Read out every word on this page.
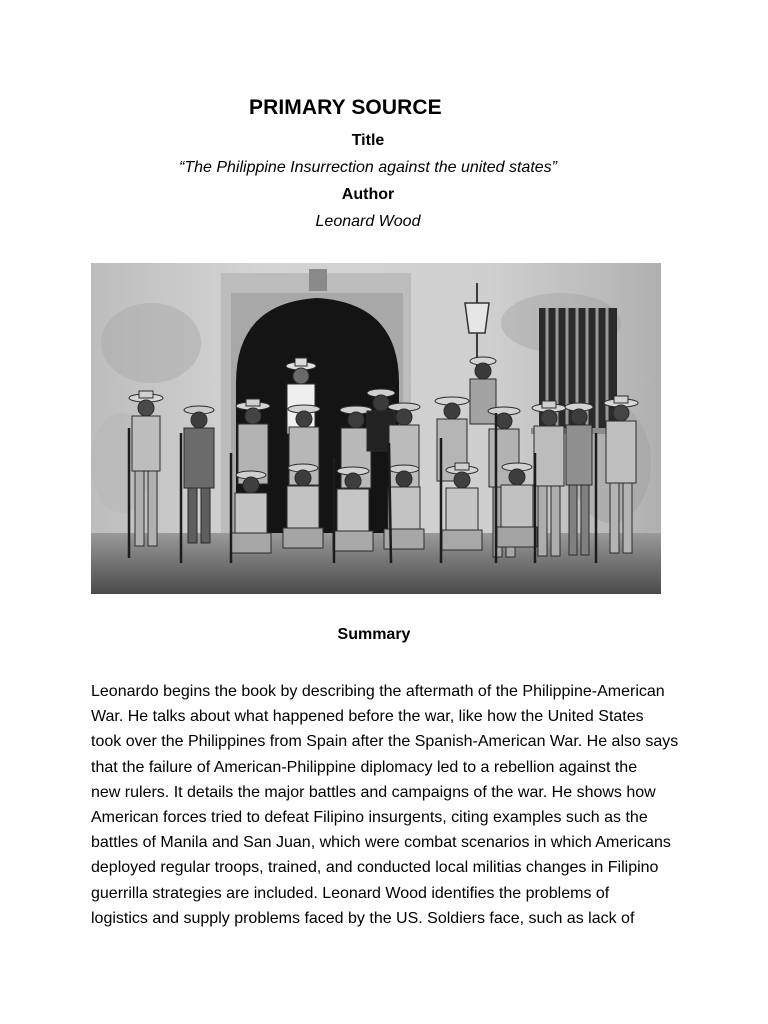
PRIMARY SOURCE
Title
“The Philippine Insurrection against the united states”
Author
Leonard Wood
Summary
Leonardo begins the book by describing the aftermath of the Philippine-American
War. He talks about what happened before the war, like how the United States
took over the Philippines from Spain after the Spanish-American War. He also says
that the failure of American-Philippine diplomacy led to a rebellion against the
new rulers. It details the major battles and campaigns of the war. He shows how
American forces tried to defeat Filipino insurgents, citing examples such as the
battles of Manila and San Juan, which were combat scenarios in which Americans
deployed regular troops, trained, and conducted local militias changes in Filipino
guerrilla strategies are included. Leonard Wood identifies the problems of
logistics and supply problems faced by the US. Soldiers face, such as lack of
